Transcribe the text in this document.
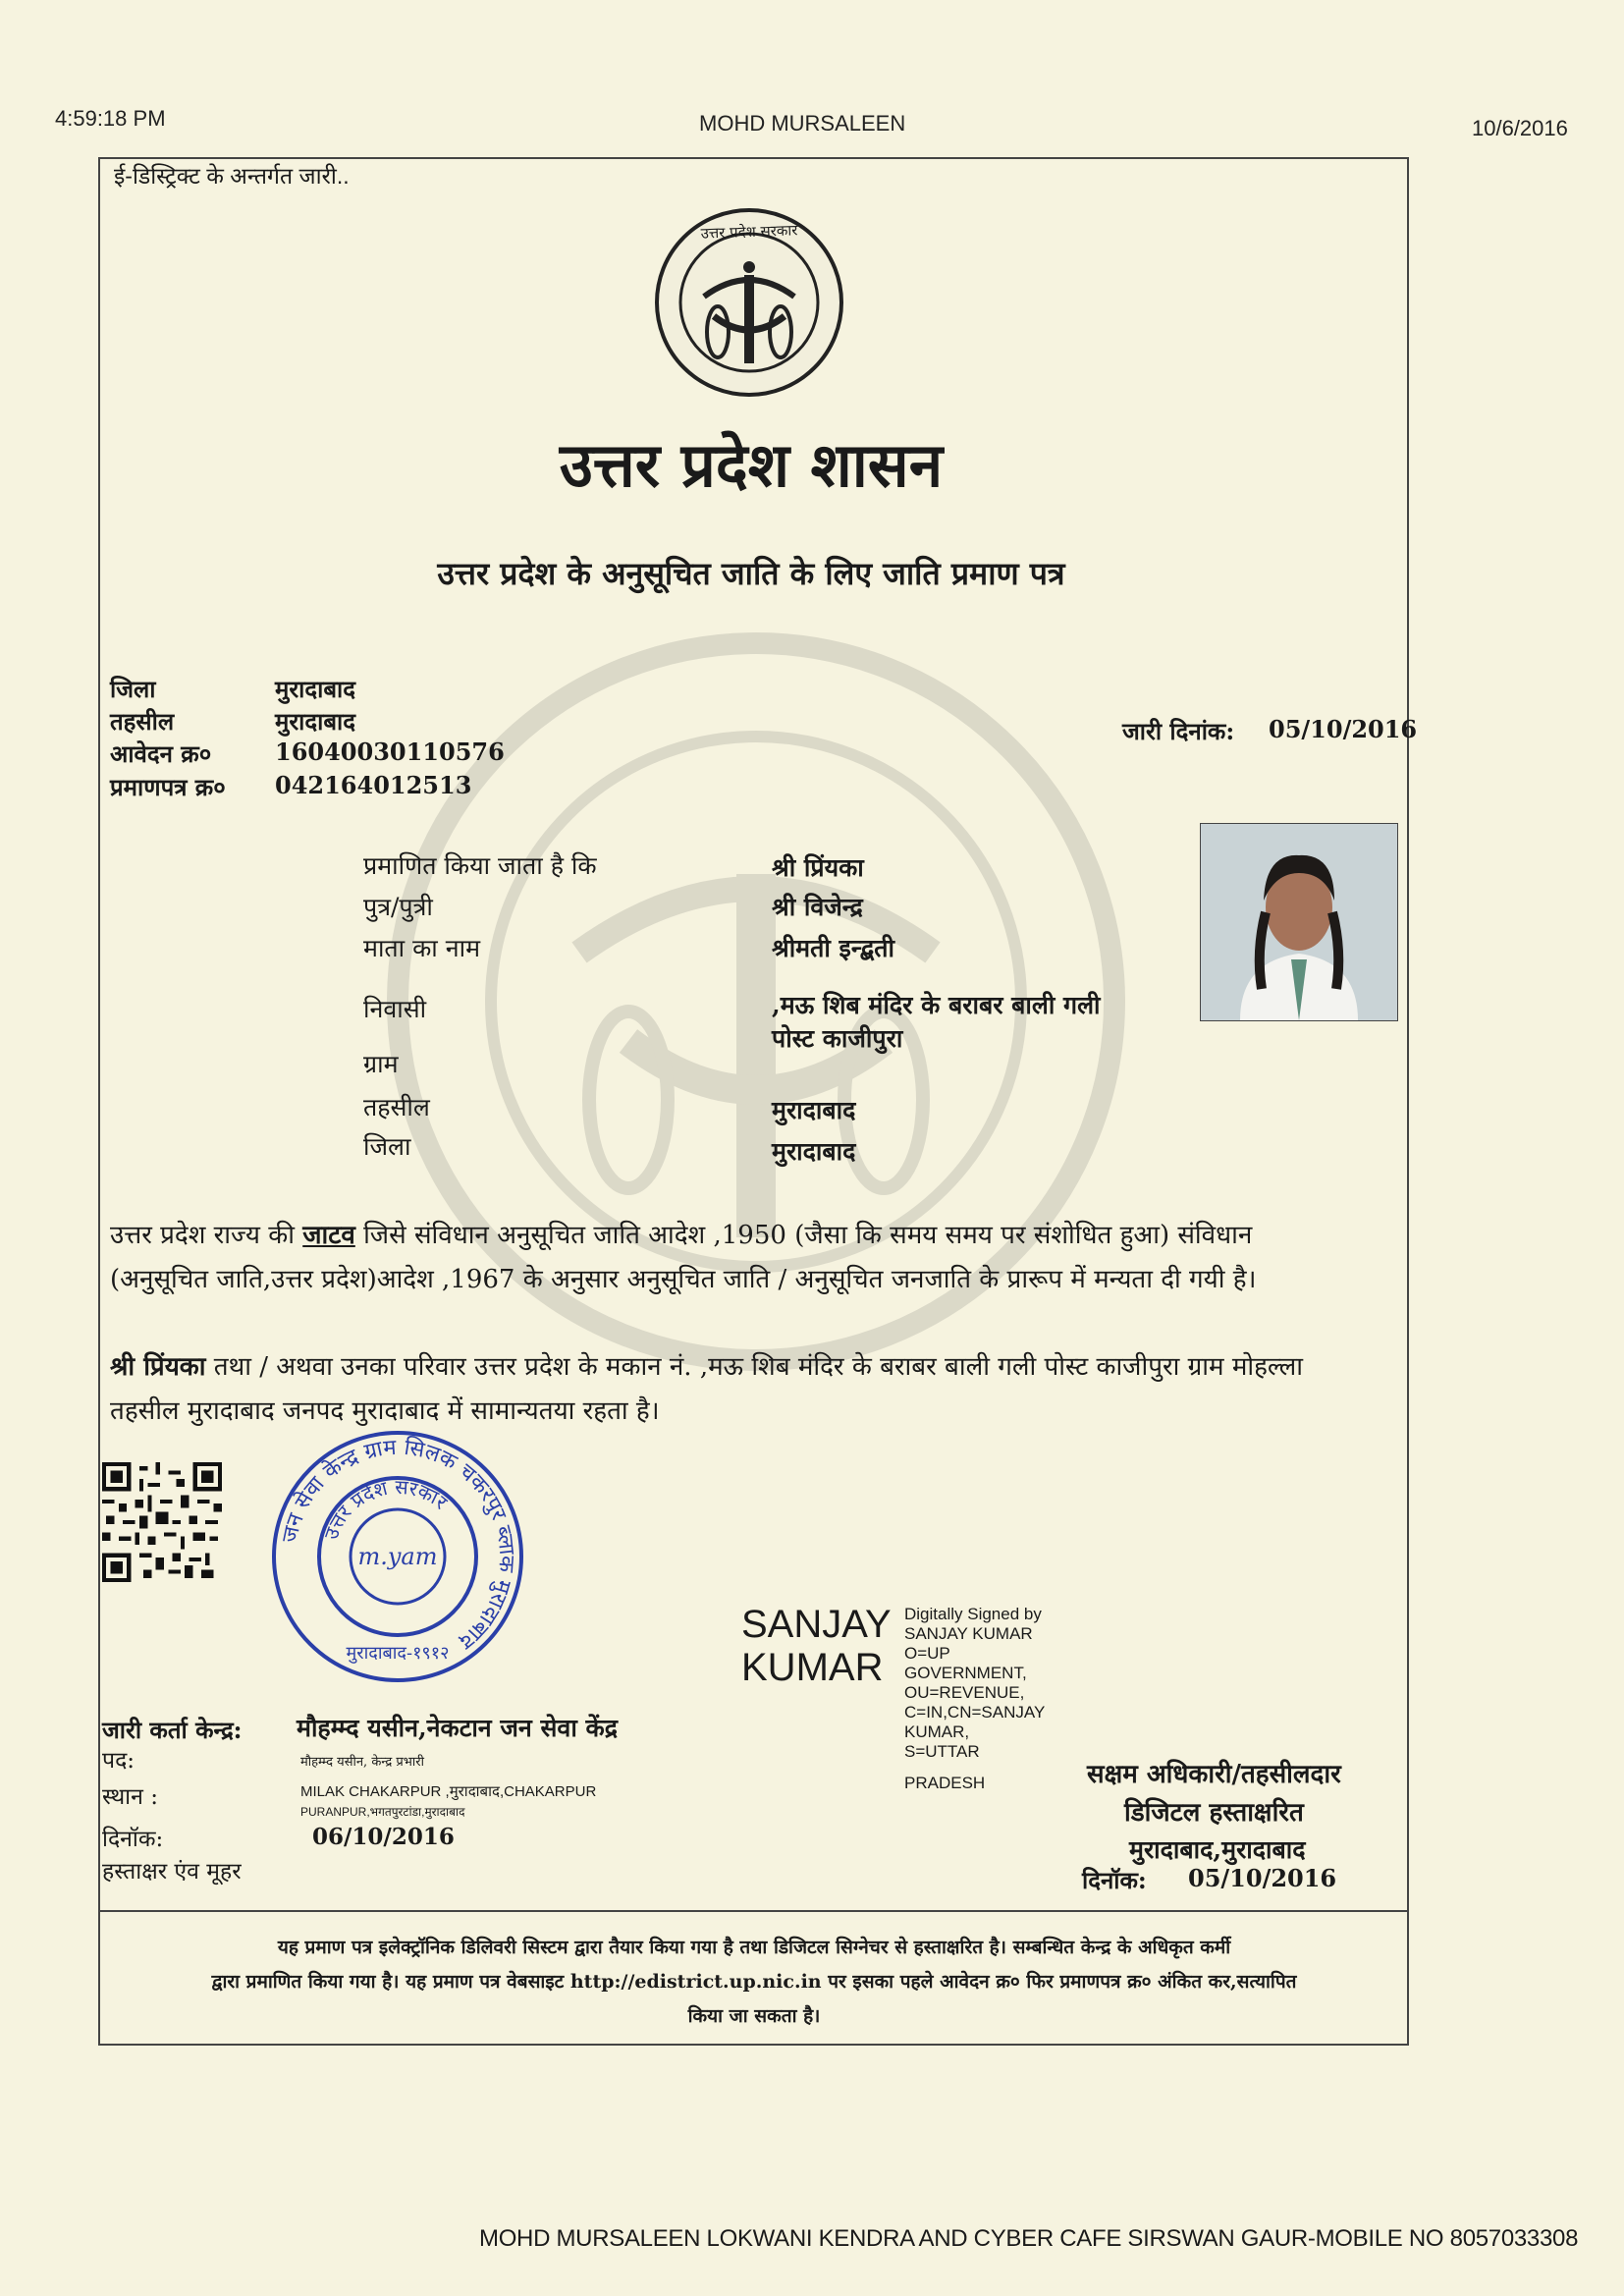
4:59:18 PM	MOHD MURSALEEN	10/6/2016
ई-डिस्ट्रिक्ट के अन्तर्गत जारी..
उत्तर प्रदेश सरकार
उत्तर प्रदेश शासन
उत्तर प्रदेश के अनुसूचित जाति के लिए जाति प्रमाण पत्र
जिला	मुरादाबाद
तहसील	मुरादाबाद
आवेदन क्र०	16040030110576
प्रमाणपत्र क्र० 042164012513
जारी दिनांक: 05/10/2016
प्रमाणित किया जाता है कि	श्री प्रिंयका
पुत्र/पुत्री	श्री विजेन्द्र
माता का नाम	श्रीमती इन्द्बती
निवासी	,मऊ शिब मंदिर के बराबर बाली गली
पोस्ट काजीपुरा
ग्राम
तहसील	मुरादाबाद
जिला	मुरादाबाद
उत्तर प्रदेश राज्य की जाटव जिसे संविधान अनुसूचित जाति आदेश ,1950 (जैसा कि समय समय पर संशोधित हुआ) संविधान (अनुसूचित जाति,उत्तर प्रदेश)आदेश ,1967 के अनुसार अनुसूचित जाति / अनुसूचित जनजाति के प्रारूप में मन्यता दी गयी है।
श्री प्रिंयका तथा / अथवा उनका परिवार उत्तर प्रदेश के मकान नं. ,मऊ शिब मंदिर के बराबर बाली गली पोस्ट काजीपुरा ग्राम मोहल्ला तहसील मुरादाबाद जनपद मुरादाबाद में सामान्यतया रहता है।
जन सेवा केन्द्र ग्राम सिलक चकरपुर ब्लाक मुरादाबाद
उत्तर प्रदेश सरकार
m.yam
मुरादाबाद-१९१२
SANJAY
KUMAR
Digitally Signed by
SANJAY KUMAR
O=UP
GOVERNMENT,
OU=REVENUE,
C=IN,CN=SANJAY
KUMAR,
S=UTTAR
PRADESH
जारी कर्ता केन्द्र: मौहम्म्द यसीन,नेकटान जन सेवा केंद्र
पद:	मौहम्म्द यसीन, केन्द्र प्रभारी
स्थान :	MILAK CHAKARPUR ,मुरादाबाद,CHAKARPUR
PURANPUR,भगतपुरटांडा,मुरादाबाद
दिनॉक:	06/10/2016
हस्ताक्षर एंव मूहर
सक्षम अधिकारी/तहसीलदार
डिजिटल हस्ताक्षरित
मुरादाबाद,मुरादाबाद
दिनॉक: 05/10/2016
यह प्रमाण पत्र इलेक्ट्रॉनिक डिलिवरी सिस्टम द्वारा तैयार किया गया है तथा डिजिटल सिग्नेचर से हस्ताक्षरित है। सम्बन्धित केन्द्र के अधिकृत कर्मी
द्वारा प्रमाणित किया गया है। यह प्रमाण पत्र वेबसाइट http://edistrict.up.nic.in पर इसका पहले आवेदन क्र० फिर प्रमाणपत्र क्र० अंकित कर,सत्यापित
किया जा सकता है।
MOHD MURSALEEN LOKWANI KENDRA AND CYBER CAFE SIRSWAN GAUR-MOBILE NO 8057033308
